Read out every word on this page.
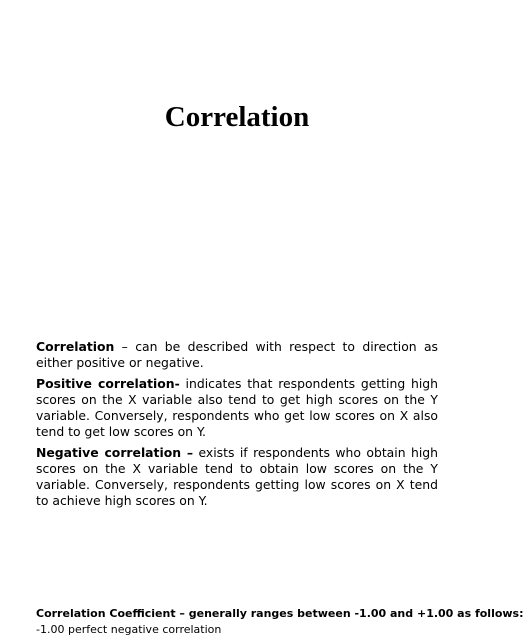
Correlation

Correlation – can be described with respect to direction as either positive or negative.

Positive correlation- indicates that respondents getting high scores on the X variable also tend to get high scores on the Y variable. Conversely, respondents who get low scores on X also tend to get low scores on Y.

Negative correlation – exists if respondents who obtain high scores on the X variable tend to obtain low scores on the Y variable. Conversely, respondents getting low scores on X tend to achieve high scores on Y.

Correlation Coefficient – generally ranges between -1.00 and +1.00 as follows:
-1.00 perfect negative correlation
